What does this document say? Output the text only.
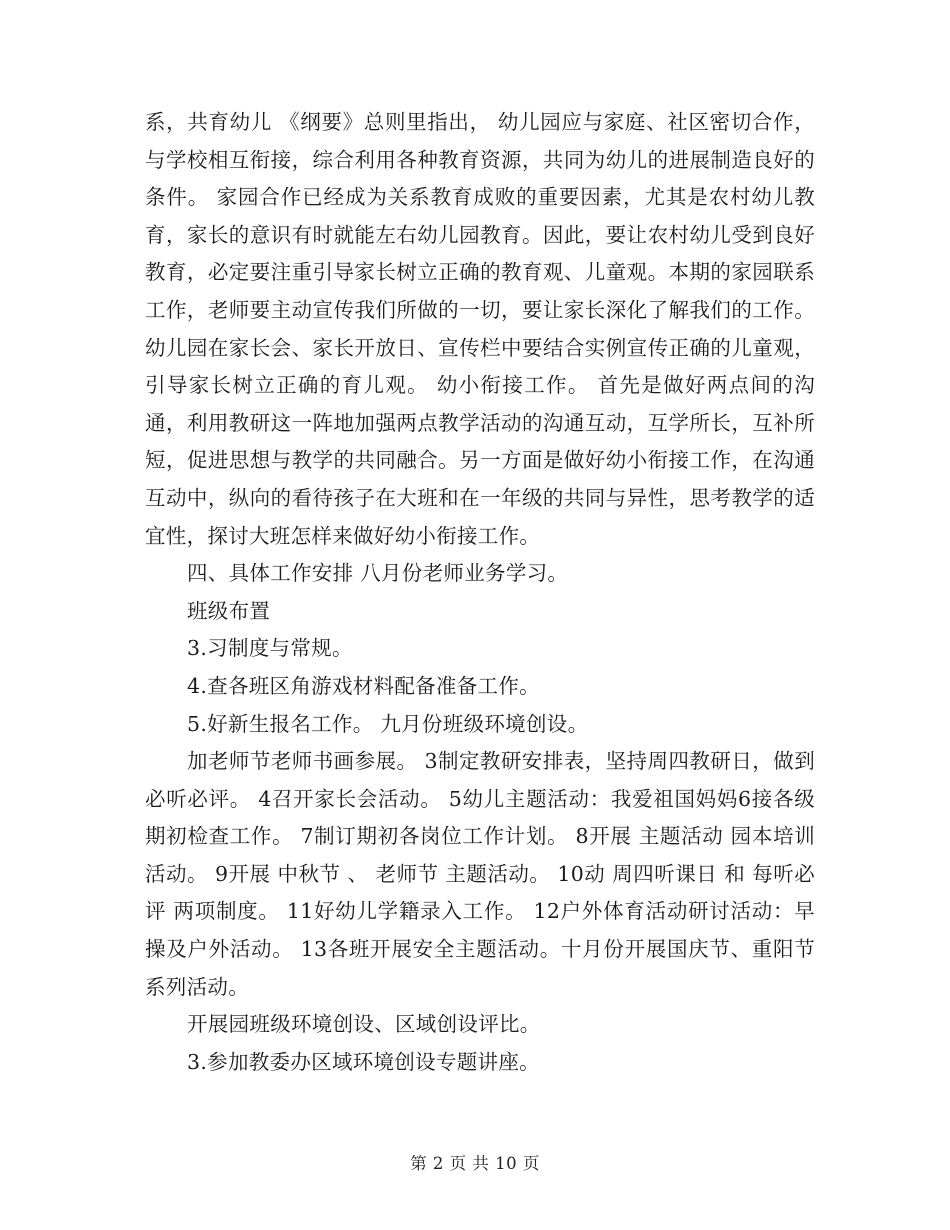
系，共育幼儿 《纲要》总则里指出， 幼儿园应与家庭、社区密切合作，与学校相互衔接，综合利用各种教育资源，共同为幼儿的进展制造良好的条件。 家园合作已经成为关系教育成败的重要因素，尤其是农村幼儿教育，家长的意识有时就能左右幼儿园教育。因此，要让农村幼儿受到良好教育，必定要注重引导家长树立正确的教育观、儿童观。本期的家园联系工作，老师要主动宣传我们所做的一切，要让家长深化了解我们的工作。幼儿园在家长会、家长开放日、宣传栏中要结合实例宣传正确的儿童观，引导家长树立正确的育儿观。 幼小衔接工作。 首先是做好两点间的沟通，利用教研这一阵地加强两点教学活动的沟通互动，互学所长，互补所短，促进思想与教学的共同融合。另一方面是做好幼小衔接工作，在沟通互动中，纵向的看待孩子在大班和在一年级的共同与异性，思考教学的适宜性，探讨大班怎样来做好幼小衔接工作。

四、具体工作安排 八月份老师业务学习。

班级布置

3.习制度与常规。

4.查各班区角游戏材料配备准备工作。

5.好新生报名工作。 九月份班级环境创设。

加老师节老师书画参展。 3制定教研安排表，坚持周四教研日，做到必听必评。 4召开家长会活动。 5幼儿主题活动：我爱祖国妈妈6接各级期初检查工作。 7制订期初各岗位工作计划。 8开展 主题活动 园本培训活动。 9开展 中秋节 、 老师节 主题活动。 10动 周四听课日 和 每听必评 两项制度。 11好幼儿学籍录入工作。 12户外体育活动研讨活动：早操及户外活动。 13各班开展安全主题活动。十月份开展国庆节、重阳节系列活动。

开展园班级环境创设、区域创设评比。

3.参加教委办区域环境创设专题讲座。

第 2 页 共 10 页
